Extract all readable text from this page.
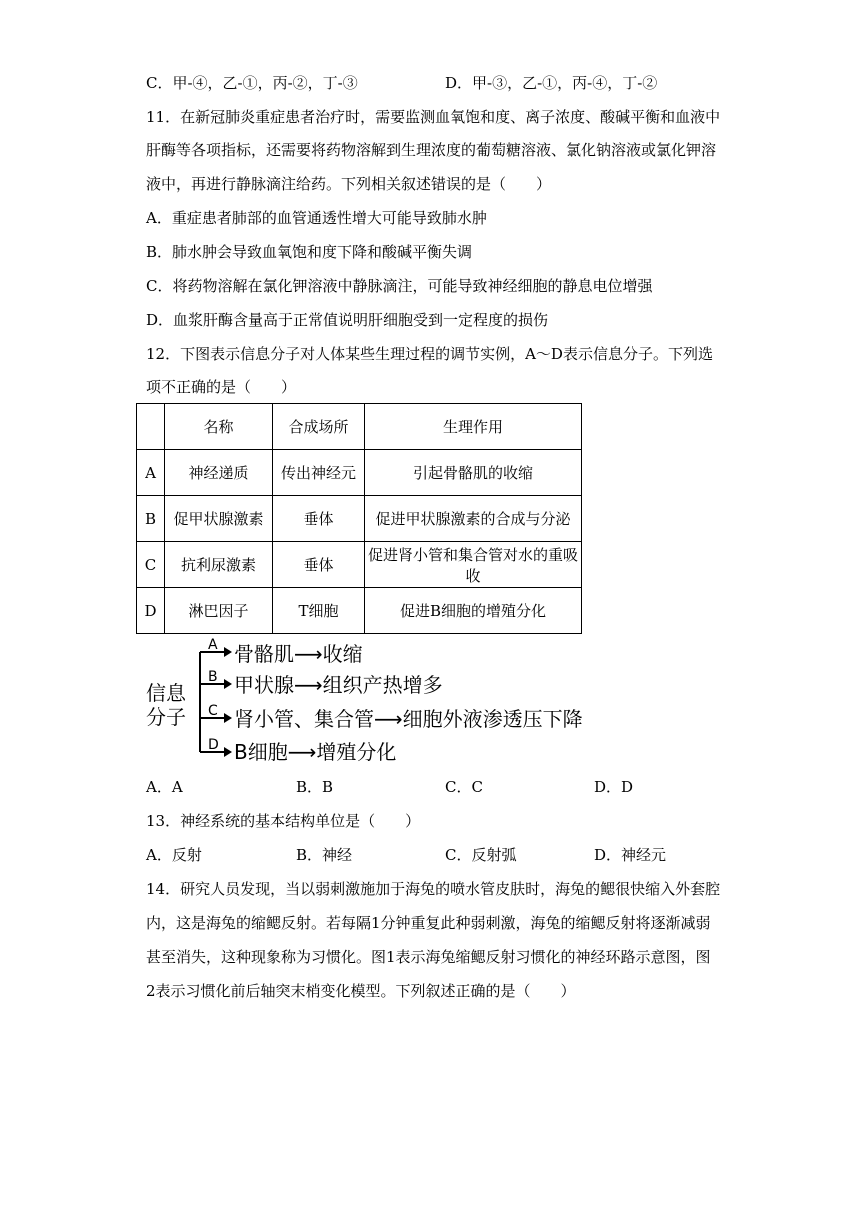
C．甲-④，乙-①，丙-②，丁-③	D．甲-③，乙-①，丙-④，丁-②
11．在新冠肺炎重症患者治疗时，需要监测血氧饱和度、离子浓度、酸碱平衡和血液中
肝酶等各项指标，还需要将药物溶解到生理浓度的葡萄糖溶液、氯化钠溶液或氯化钾溶
液中，再进行静脉滴注给药。下列相关叙述错误的是（　　）
A．重症患者肺部的血管通透性增大可能导致肺水肿
B．肺水肿会导致血氧饱和度下降和酸碱平衡失调
C．将药物溶解在氯化钾溶液中静脉滴注，可能导致神经细胞的静息电位增强
D．血浆肝酶含量高于正常值说明肝细胞受到一定程度的损伤
12．下图表示信息分子对人体某些生理过程的调节实例，A～D表示信息分子。下列选
项不正确的是（　　）
	名称	合成场所	生理作用
A	神经递质	传出神经元	引起骨骼肌的收缩
B	促甲状腺激素	垂体	促进甲状腺激素的合成与分泌
C	抗利尿激素	垂体	促进肾小管和集合管对水的重吸收
D	淋巴因子	T细胞	促进B细胞的增殖分化
信息
分子
A
B
C
D
骨骼肌⟶收缩
甲状腺⟶组织产热增多
肾小管、集合管⟶细胞外液渗透压下降
B细胞⟶增殖分化
A．A	B．B	C．C	D．D
13．神经系统的基本结构单位是（　　）
A．反射	B．神经	C．反射弧	D．神经元
14．研究人员发现，当以弱刺激施加于海兔的喷水管皮肤时，海兔的鳃很快缩入外套腔
内，这是海兔的缩鳃反射。若每隔1分钟重复此种弱刺激，海兔的缩鳃反射将逐渐减弱
甚至消失，这种现象称为习惯化。图1表示海兔缩鳃反射习惯化的神经环路示意图，图
2表示习惯化前后轴突末梢变化模型。下列叙述正确的是（　　）
